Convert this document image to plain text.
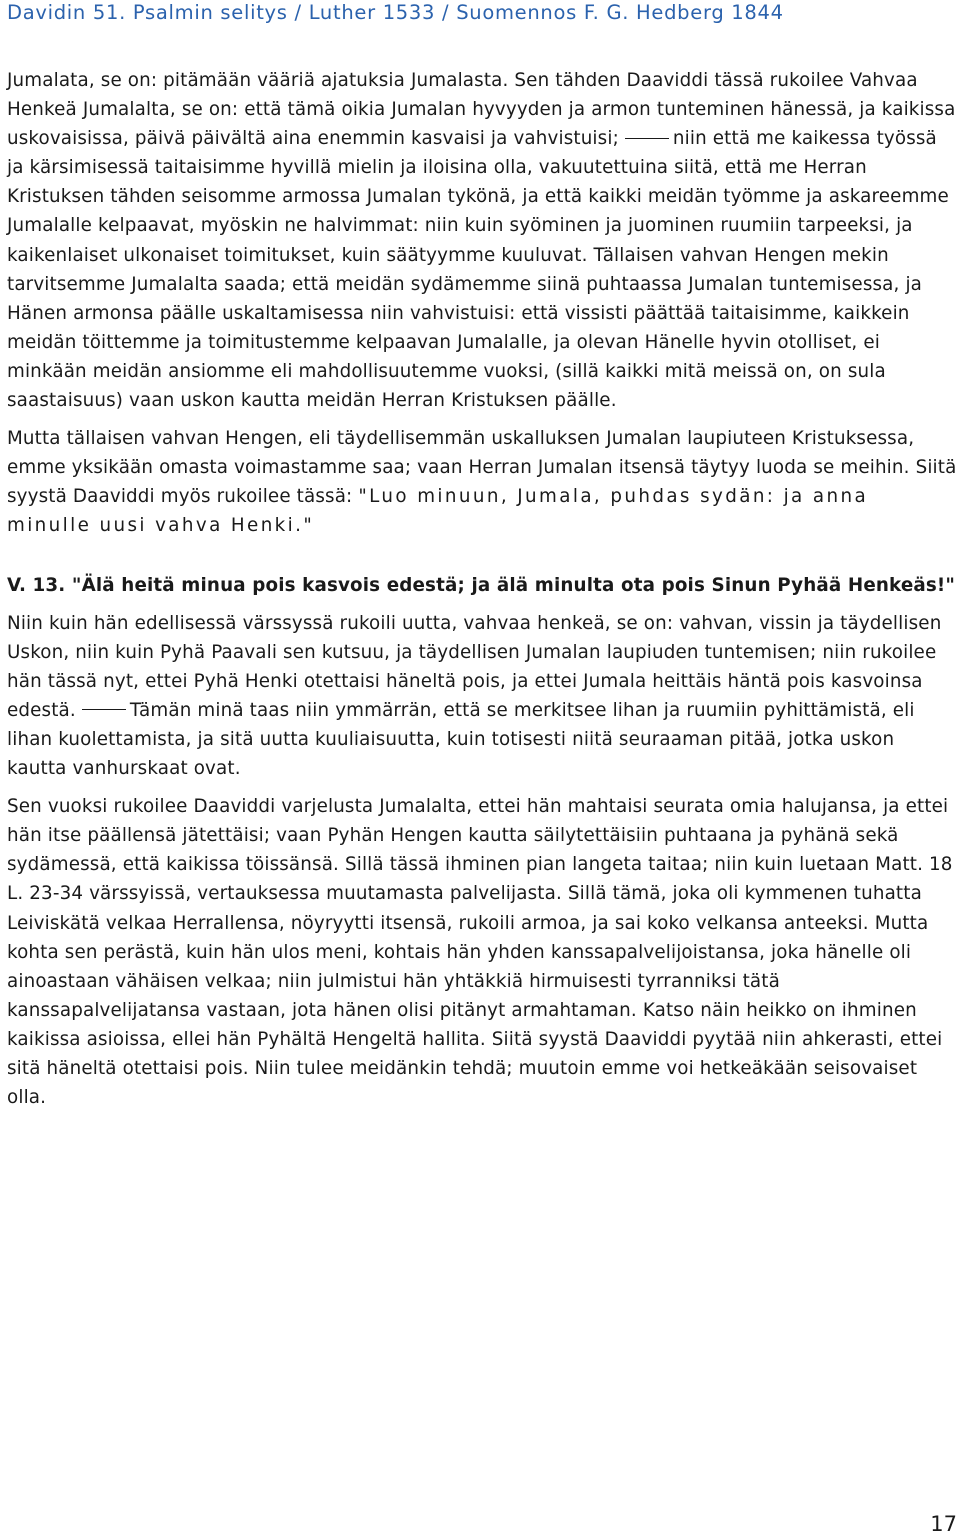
Davidin 51. Psalmin selitys / Luther 1533 / Suomennos F. G. Hedberg 1844

Jumalata, se on: pitämään vääriä ajatuksia Jumalasta. Sen tähden Daaviddi tässä rukoilee Vahvaa Henkeä Jumalalta, se on: että tämä oikia Jumalan hyvyyden ja armon tunteminen hänessä, ja kaikissa uskovaisissa, päivä päivältä aina enemmin kasvaisi ja vahvistuisi;	niin että me kaikessa työssä ja kärsimisessä taitaisimme hyvillä mielin ja iloisina olla, vakuutettuina siitä, että me Herran Kristuksen tähden seisomme armossa Jumalan tykönä, ja että kaikki meidän työmme ja askareemme Jumalalle kelpaavat, myöskin ne halvimmat: niin kuin syöminen ja juominen ruumiin tarpeeksi, ja kaikenlaiset ulkonaiset toimitukset, kuin säätyymme kuuluvat. Tällaisen vahvan Hengen mekin tarvitsemme Jumalalta saada; että meidän sydämemme siinä puhtaassa Jumalan tuntemisessa, ja Hänen armonsa päälle uskaltamisessa niin vahvistuisi: että vissisti päättää taitaisimme, kaikkein meidän töittemme ja toimitustemme kelpaavan Jumalalle, ja olevan Hänelle hyvin otolliset, ei minkään meidän ansiomme eli mahdollisuutemme vuoksi, (sillä kaikki mitä meissä on, on sula saastaisuus) vaan uskon kautta meidän Herran Kristuksen päälle.

Mutta tällaisen vahvan Hengen, eli täydellisemmän uskalluksen Jumalan laupiuteen Kristuksessa, emme yksikään omasta voimastamme saa; vaan Herran Jumalan itsensä täytyy luoda se meihin. Siitä syystä Daaviddi myös rukoilee tässä: "Luo minuun, Jumala, puhdas sydän: ja anna minulle uusi vahva Henki."

V. 13. "Älä heitä minua pois kasvois edestä; ja älä minulta ota pois Sinun Pyhää Henkeäs!"

Niin kuin hän edellisessä värssyssä rukoili uutta, vahvaa henkeä, se on: vahvan, vissin ja täydellisen Uskon, niin kuin Pyhä Paavali sen kutsuu, ja täydellisen Jumalan laupiuden tuntemisen; niin rukoilee hän tässä nyt, ettei Pyhä Henki otettaisi häneltä pois, ja ettei Jumala heittäis häntä pois kasvoinsa edestä.	Tämän minä taas niin ymmärrän, että se merkitsee lihan ja ruumiin pyhittämistä, eli lihan kuolettamista, ja sitä uutta kuuliaisuutta, kuin totisesti niitä seuraaman pitää, jotka uskon kautta vanhurskaat ovat.

Sen vuoksi rukoilee Daaviddi varjelusta Jumalalta, ettei hän mahtaisi seurata omia halujansa, ja ettei hän itse päällensä jätettäisi; vaan Pyhän Hengen kautta säilytettäisiin puhtaana ja pyhänä sekä sydämessä, että kaikissa töissänsä. Sillä tässä ihminen pian langeta taitaa; niin kuin luetaan Matt. 18 L. 23-34 värssyissä, vertauksessa muutamasta palvelijasta. Sillä tämä, joka oli kymmenen tuhatta Leiviskätä velkaa Herrallensa, nöyryytti itsensä, rukoili armoa, ja sai koko velkansa anteeksi. Mutta kohta sen perästä, kuin hän ulos meni, kohtais hän yhden kanssapalvelijoistansa, joka hänelle oli ainoastaan vähäisen velkaa; niin julmistui hän yhtäkkiä hirmuisesti tyrranniksi tätä kanssapalvelijatansa vastaan, jota hänen olisi pitänyt armahtaman. Katso näin heikko on ihminen kaikissa asioissa, ellei hän Pyhältä Hengeltä hallita. Siitä syystä Daaviddi pyytää niin ahkerasti, ettei sitä häneltä otettaisi pois. Niin tulee meidänkin tehdä; muutoin emme voi hetkeäkään seisovaiset olla.

17
